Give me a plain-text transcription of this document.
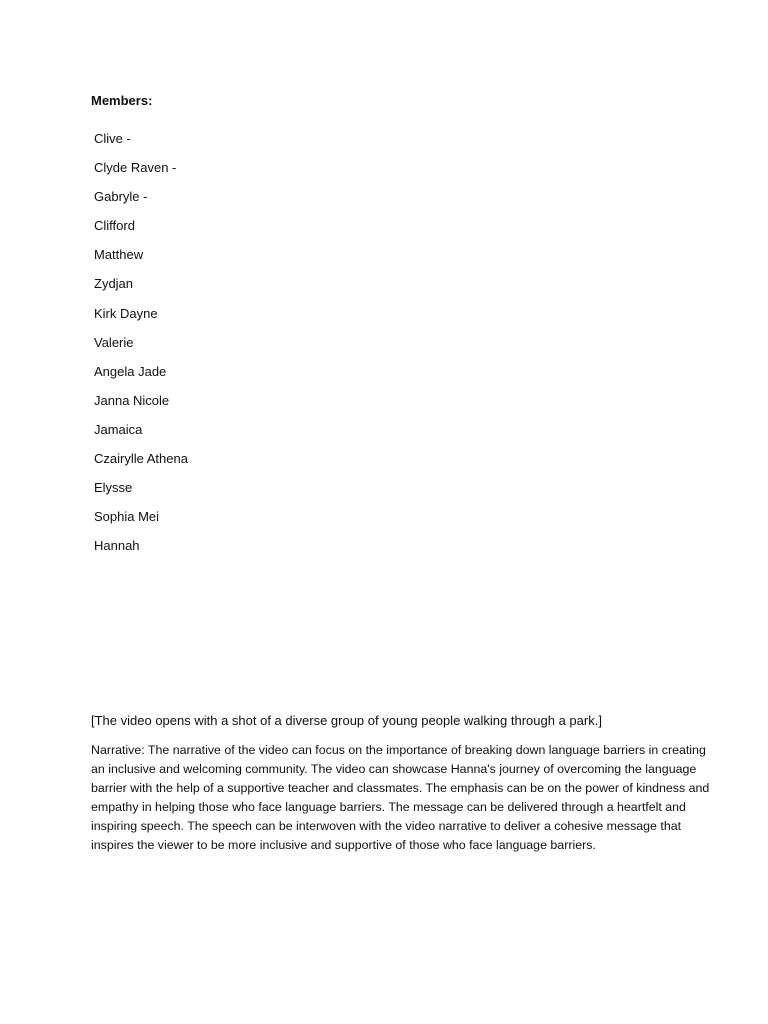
Members:
Clive -
Clyde Raven -
Gabryle -
Clifford
Matthew
Zydjan
Kirk Dayne
Valerie
Angela Jade
Janna Nicole
Jamaica
Czairylle Athena
Elysse
Sophia Mei
Hannah

[The video opens with a shot of a diverse group of young people walking through a park.]

Narrative: The narrative of the video can focus on the importance of breaking down language barriers in creating an inclusive and welcoming community. The video can showcase Hanna's journey of overcoming the language barrier with the help of a supportive teacher and classmates. The emphasis can be on the power of kindness and empathy in helping those who face language barriers. The message can be delivered through a heartfelt and inspiring speech. The speech can be interwoven with the video narrative to deliver a cohesive message that inspires the viewer to be more inclusive and supportive of those who face language barriers.
